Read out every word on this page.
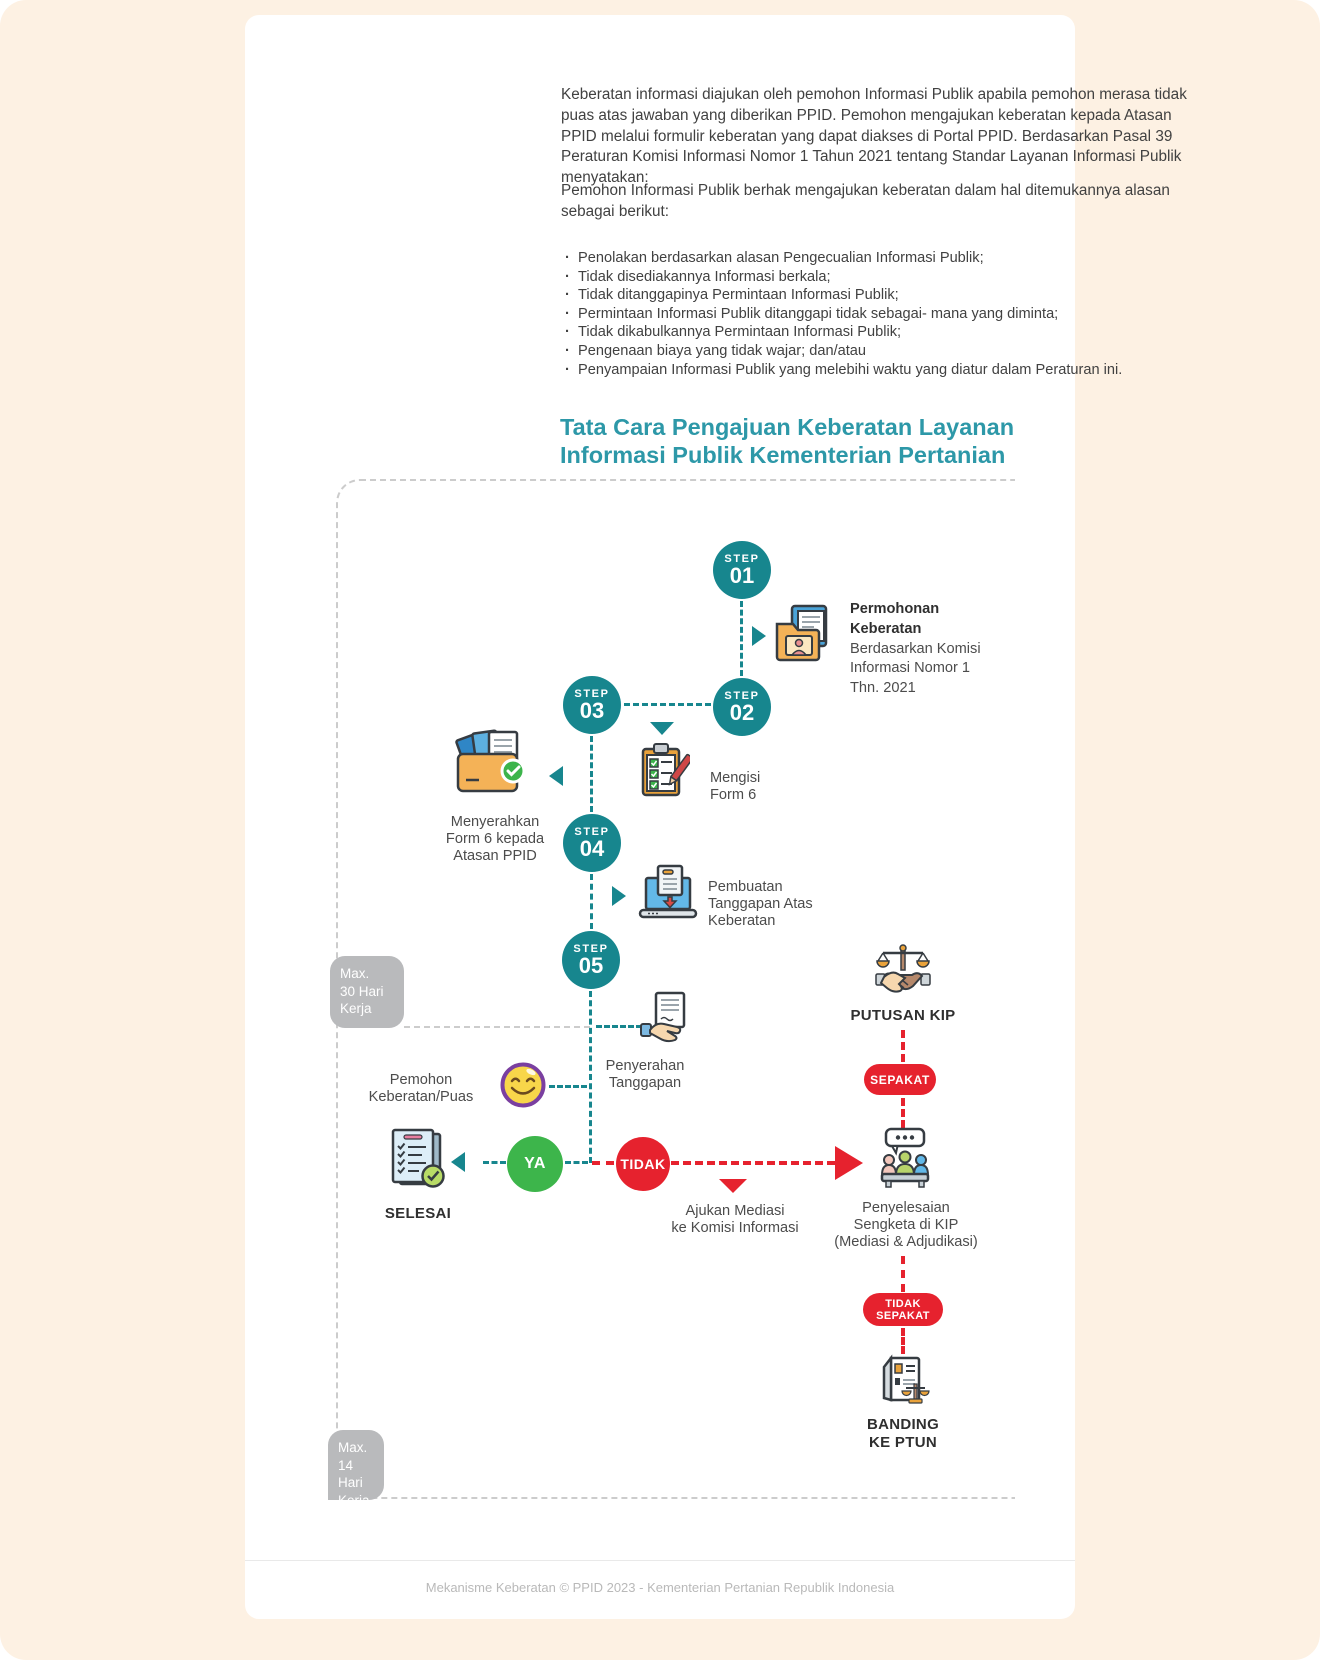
Keberatan informasi diajukan oleh pemohon Informasi Publik apabila pemohon merasa tidak puas atas jawaban yang diberikan PPID. Pemohon mengajukan keberatan kepada Atasan PPID melalui formulir keberatan yang dapat diakses di Portal PPID. Berdasarkan Pasal 39 Peraturan Komisi Informasi Nomor 1 Tahun 2021 tentang Standar Layanan Informasi Publik menyatakan:

Pemohon Informasi Publik berhak mengajukan keberatan dalam hal ditemukannya alasan sebagai berikut:

· Penolakan berdasarkan alasan Pengecualian Informasi Publik;
· Tidak disediakannya Informasi berkala;
· Tidak ditanggapinya Permintaan Informasi Publik;
· Permintaan Informasi Publik ditanggapi tidak sebagai- mana yang diminta;
· Tidak dikabulkannya Permintaan Informasi Publik;
· Pengenaan biaya yang tidak wajar; dan/atau
· Penyampaian Informasi Publik yang melebihi waktu yang diatur dalam Peraturan ini.
Tata Cara Pengajuan Keberatan Layanan
Informasi Publik Kementerian Pertanian
Max.
30 Hari
Kerja
Max.
14 Hari
Kerja
STEP
01
STEP
02
STEP
03
STEP
04
STEP
05
YA	TIDAK
SEPAKAT
TIDAK
SEPAKAT
Permohonan
Keberatan
Berdasarkan Komisi
Informasi Nomor 1
Thn. 2021
Mengisi
Form 6
Menyerahkan
Form 6 kepada
Atasan PPID
Pembuatan
Tanggapan Atas
Keberatan
Penyerahan
Tanggapan
Pemohon
Keberatan/Puas
SELESAI	Ajukan Mediasi
ke Komisi Informasi
PUTUSAN KIP
Penyelesaian
Sengketa di KIP
(Mediasi & Adjudikasi)
BANDING
KE PTUN

Mekanisme Keberatan © PPID 2023 - Kementerian Pertanian Republik Indonesia
